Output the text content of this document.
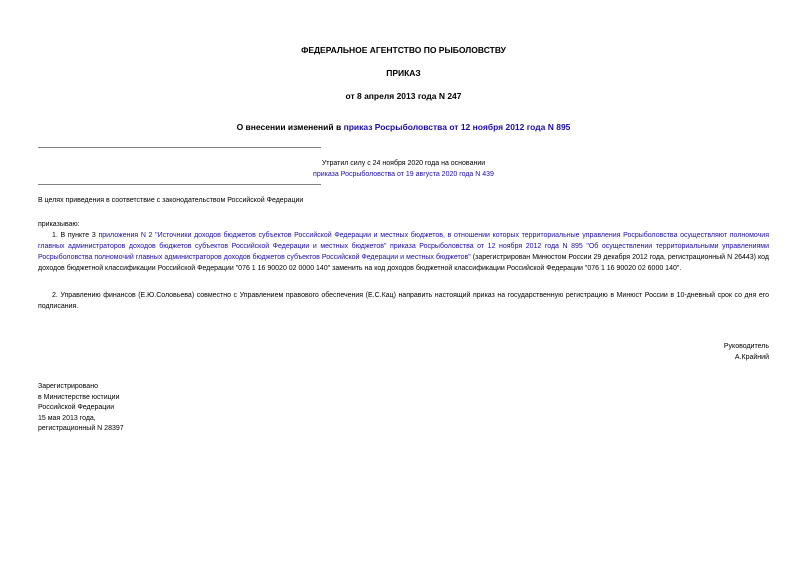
ФЕДЕРАЛЬНОЕ АГЕНТСТВО ПО РЫБОЛОВСТВУ
ПРИКАЗ
от 8 апреля 2013 года N 247
О внесении изменений в приказ Росрыболовства от 12 ноября 2012 года N 895
Утратил силу с 24 ноября 2020 года на основании
приказа Росрыболовства от 19 августа 2020 года N 439
В целях приведения в соответствие с законодательством Российской Федерации
приказываю:
1. В пункте 3 приложения N 2 "Источники доходов бюджетов субъектов Российской Федерации и местных бюджетов, в отношении которых территориальные управления Росрыболовства осуществляют полномочия главных администраторов доходов бюджетов субъектов Российской Федерации и местных бюджетов" приказа Росрыболовства от 12 ноября 2012 года N 895 "Об осуществлении территориальными управлениями Росрыболовства полномочий главных администраторов доходов бюджетов субъектов Российской Федерации и местных бюджетов" (зарегистрирован Минюстом России 29 декабря 2012 года, регистрационный N 26443) код доходов бюджетной классификации Российской Федерации "076 1 16 90020 02 0000 140" заменить на код доходов бюджетной классификации Российской Федерации "076 1 16 90020 02 6000 140".
2. Управлению финансов (Е.Ю.Соловьева) совместно с Управлением правового обеспечения (Е.С.Кац) направить настоящий приказ на государственную регистрацию в Минюст России в 10-дневный срок со дня его подписания.
Руководитель
А.Крайний
Зарегистрировано
в Министерстве юстиции
Российской Федерации
15 мая 2013 года,
регистрационный N 28397
